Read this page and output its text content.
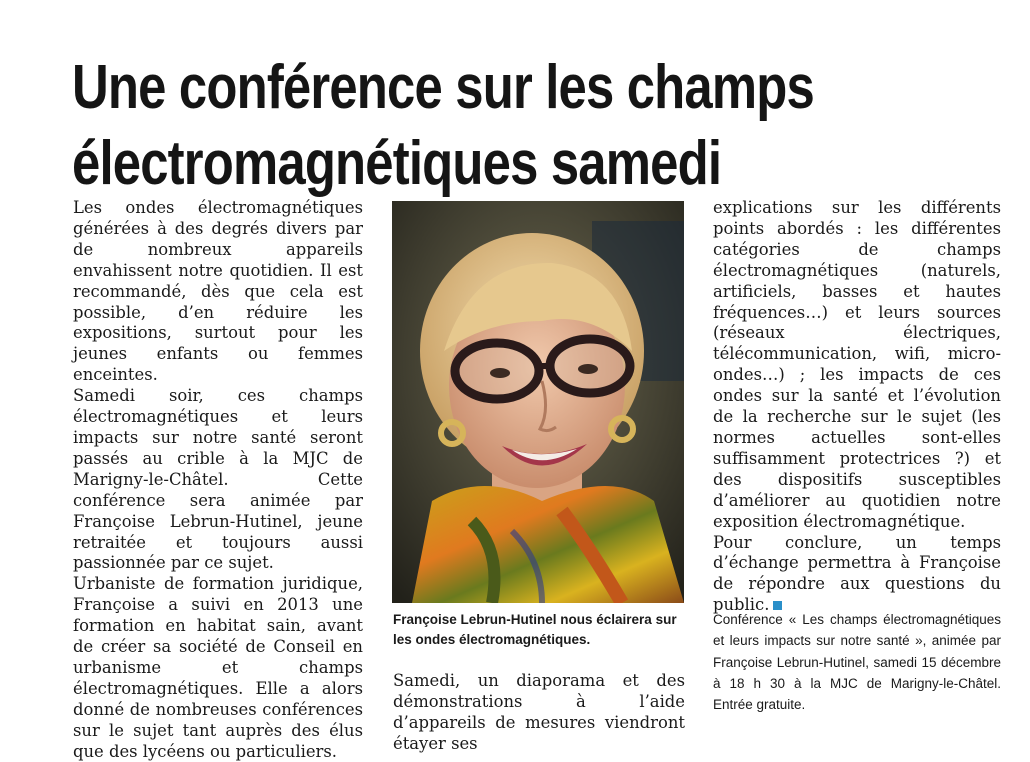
Une conférence sur les champs
électromagnétiques samedi

Les ondes électromagnétiques générées à des degrés divers par de nombreux appareils envahissent notre quotidien. Il est recommandé, dès que cela est possible, d’en réduire les expositions, surtout pour les jeunes enfants ou femmes enceintes.

Samedi soir, ces champs électromagnétiques et leurs impacts sur notre santé seront passés au crible à la MJC de Marigny-le-Châtel. Cette conférence sera animée par Françoise Lebrun-Hutinel, jeune retraitée et toujours aussi passionnée par ce sujet.

Urbaniste de formation juridique, Françoise a suivi en 2013 une formation en habitat sain, avant de créer sa société de Conseil en urbanisme et champs électromagnétiques. Elle a alors donné de nombreuses conférences sur le sujet tant auprès des élus que des lycéens ou particuliers.

Françoise Lebrun-Hutinel nous éclairera sur les ondes électromagnétiques.

Samedi, un diaporama et des démonstrations à l’aide d’appareils de mesures viendront étayer ses

explications sur les différents points abordés : les différentes catégories de champs électromagnétiques (naturels, artificiels, basses et hautes fréquences…) et leurs sources (réseaux électriques, télécommunication, wifi, micro-ondes…) ; les impacts de ces ondes sur la santé et l’évolution de la recherche sur le sujet (les normes actuelles sont-elles suffisamment protectrices ?) et des dispositifs susceptibles d’améliorer au quotidien notre exposition électromagnétique.

Pour conclure, un temps d’échange permettra à Françoise de répondre aux questions du public.

Conférence « Les champs électromagnétiques et leurs impacts sur notre santé », animée par Françoise Lebrun-Hutinel, samedi 15 décembre à 18 h 30 à la MJC de Marigny-le-Châtel. Entrée gratuite.
